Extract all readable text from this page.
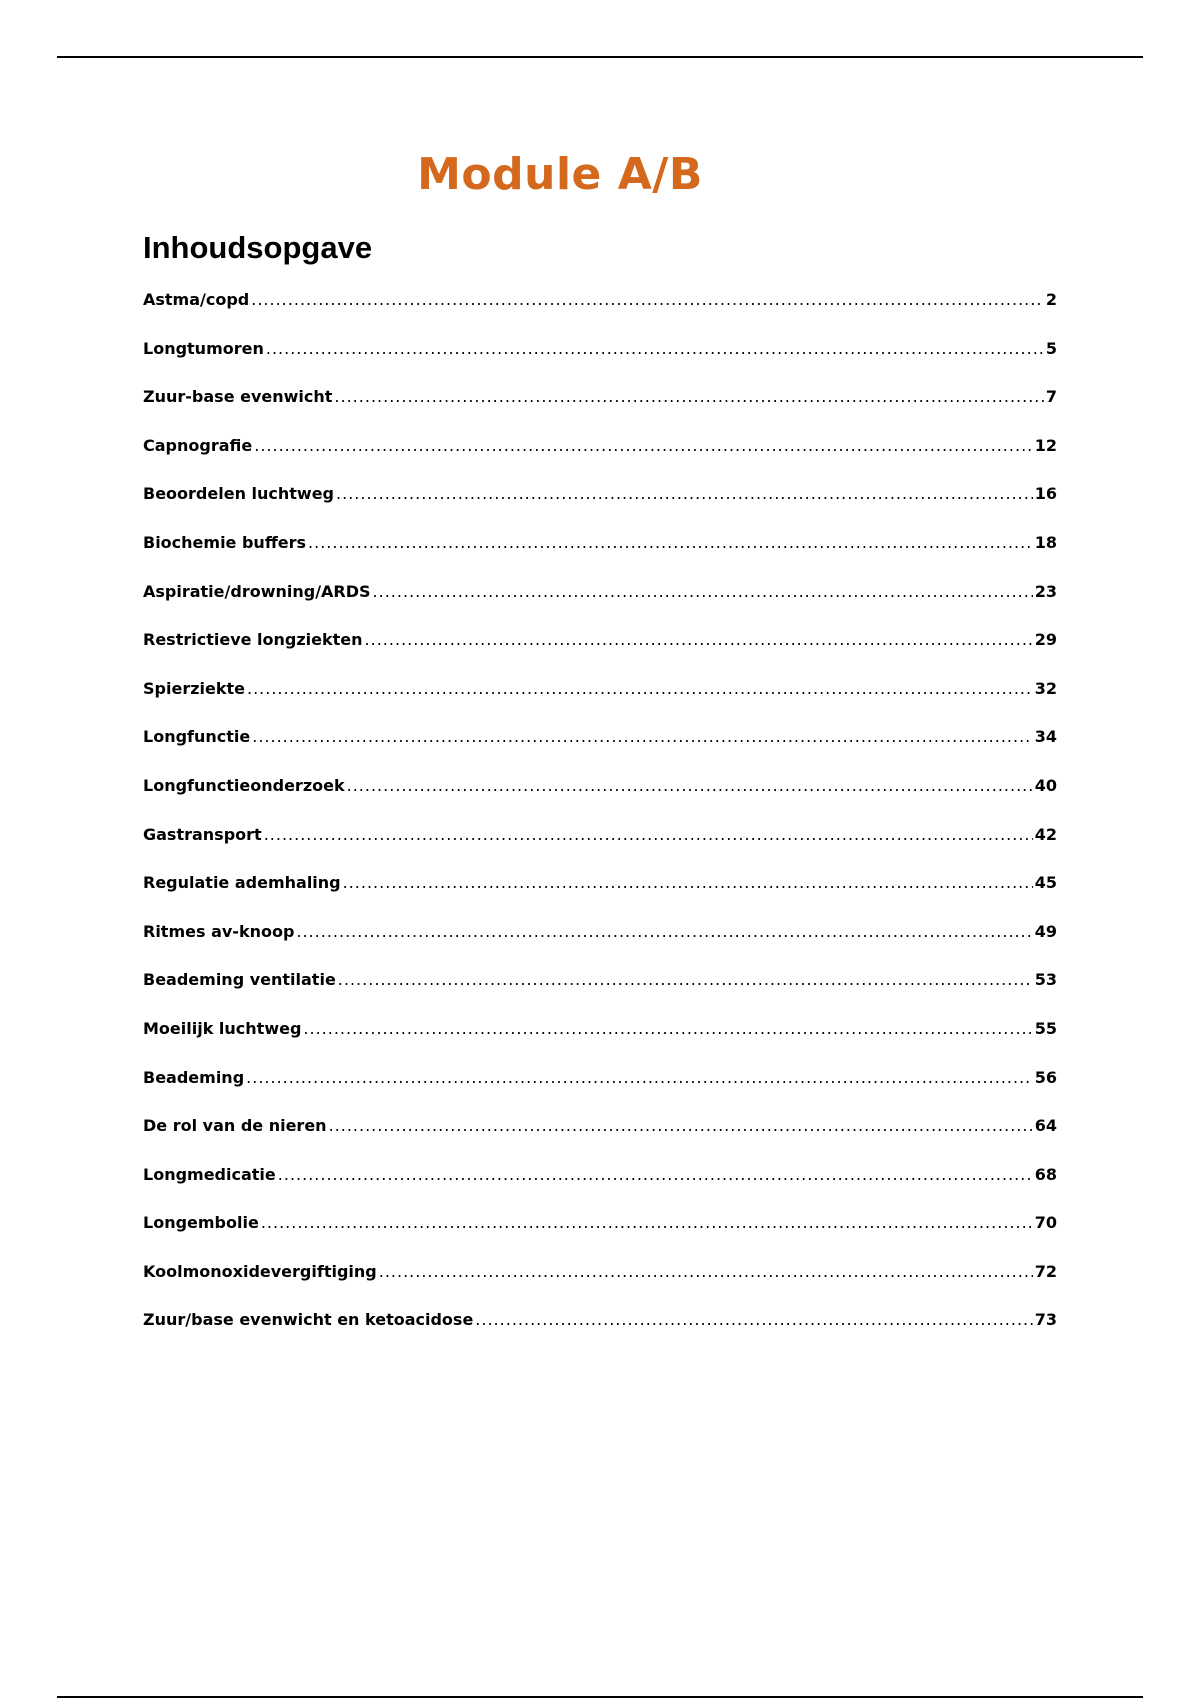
Module A/B
Inhoudsopgave
Astma/copd .....	2
Longtumoren .....	5
Zuur-base evenwicht .....	7
Capnografie .....	12
Beoordelen luchtweg .....	16
Biochemie buffers .....	18
Aspiratie/drowning/ARDS .....	23
Restrictieve longziekten .....	29
Spierziekte .....	32
Longfunctie .....	34
Longfunctieonderzoek .....	40
Gastransport .....	42
Regulatie ademhaling .....	45
Ritmes av-knoop .....	49
Beademing ventilatie .....	53
Moeilijk luchtweg .....	55
Beademing .....	56
De rol van de nieren .....	64
Longmedicatie .....	68
Longembolie .....	70
Koolmonoxidevergiftiging .....	72
Zuur/base evenwicht en ketoacidose .....	73
